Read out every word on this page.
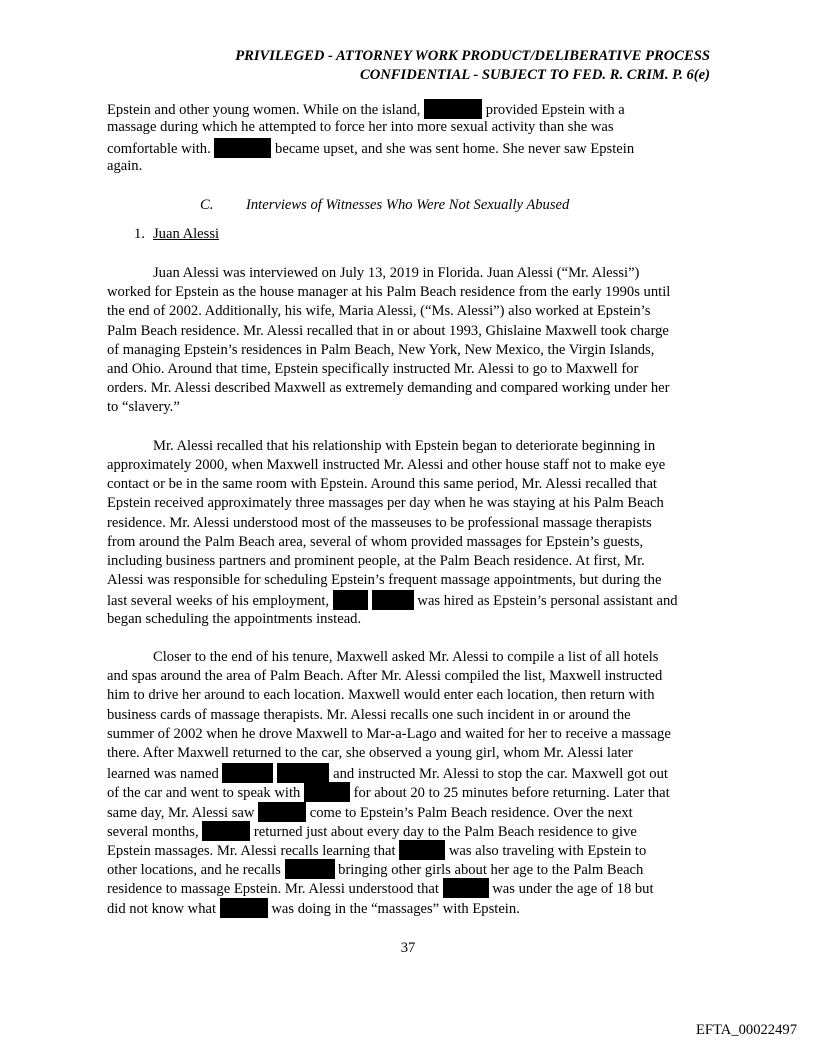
PRIVILEGED - ATTORNEY WORK PRODUCT/DELIBERATIVE PROCESS
CONFIDENTIAL - SUBJECT TO FED. R. CRIM. P. 6(e)
Epstein and other young women. While on the island,	provided Epstein with a
massage during which he attempted to force her into more sexual activity than she was
comfortable with.	became upset, and she was sent home. She never saw Epstein
again.
C. Interviews of Witnesses Who Were Not Sexually Abused
1. Juan Alessi
Juan Alessi was interviewed on July 13, 2019 in Florida. Juan Alessi (“Mr. Alessi”)
worked for Epstein as the house manager at his Palm Beach residence from the early 1990s until
the end of 2002. Additionally, his wife, Maria Alessi, (“Ms. Alessi”) also worked at Epstein’s
Palm Beach residence. Mr. Alessi recalled that in or about 1993, Ghislaine Maxwell took charge
of managing Epstein’s residences in Palm Beach, New York, New Mexico, the Virgin Islands,
and Ohio. Around that time, Epstein specifically instructed Mr. Alessi to go to Maxwell for
orders. Mr. Alessi described Maxwell as extremely demanding and compared working under her
to “slavery.”
Mr. Alessi recalled that his relationship with Epstein began to deteriorate beginning in
approximately 2000, when Maxwell instructed Mr. Alessi and other house staff not to make eye
contact or be in the same room with Epstein. Around this same period, Mr. Alessi recalled that
Epstein received approximately three massages per day when he was staying at his Palm Beach
residence. Mr. Alessi understood most of the masseuses to be professional massage therapists
from around the Palm Beach area, several of whom provided massages for Epstein’s guests,
including business partners and prominent people, at the Palm Beach residence. At first, Mr.
Alessi was responsible for scheduling Epstein’s frequent massage appointments, but during the
last several weeks of his employment,	was hired as Epstein’s personal assistant and
began scheduling the appointments instead.
Closer to the end of his tenure, Maxwell asked Mr. Alessi to compile a list of all hotels
and spas around the area of Palm Beach. After Mr. Alessi compiled the list, Maxwell instructed
him to drive her around to each location. Maxwell would enter each location, then return with
business cards of massage therapists. Mr. Alessi recalls one such incident in or around the
summer of 2002 when he drove Maxwell to Mar-a-Lago and waited for her to receive a massage
there. After Maxwell returned to the car, she observed a young girl, whom Mr. Alessi later
learned was named	and instructed Mr. Alessi to stop the car. Maxwell got out
of the car and went to speak with	for about 20 to 25 minutes before returning. Later that
same day, Mr. Alessi saw	come to Epstein’s Palm Beach residence. Over the next
several months,	returned just about every day to the Palm Beach residence to give
Epstein massages. Mr. Alessi recalls learning that	was also traveling with Epstein to
other locations, and he recalls	bringing other girls about her age to the Palm Beach
residence to massage Epstein. Mr. Alessi understood that	was under the age of 18 but
did not know what	was doing in the “massages” with Epstein.
37
EFTA_00022497
